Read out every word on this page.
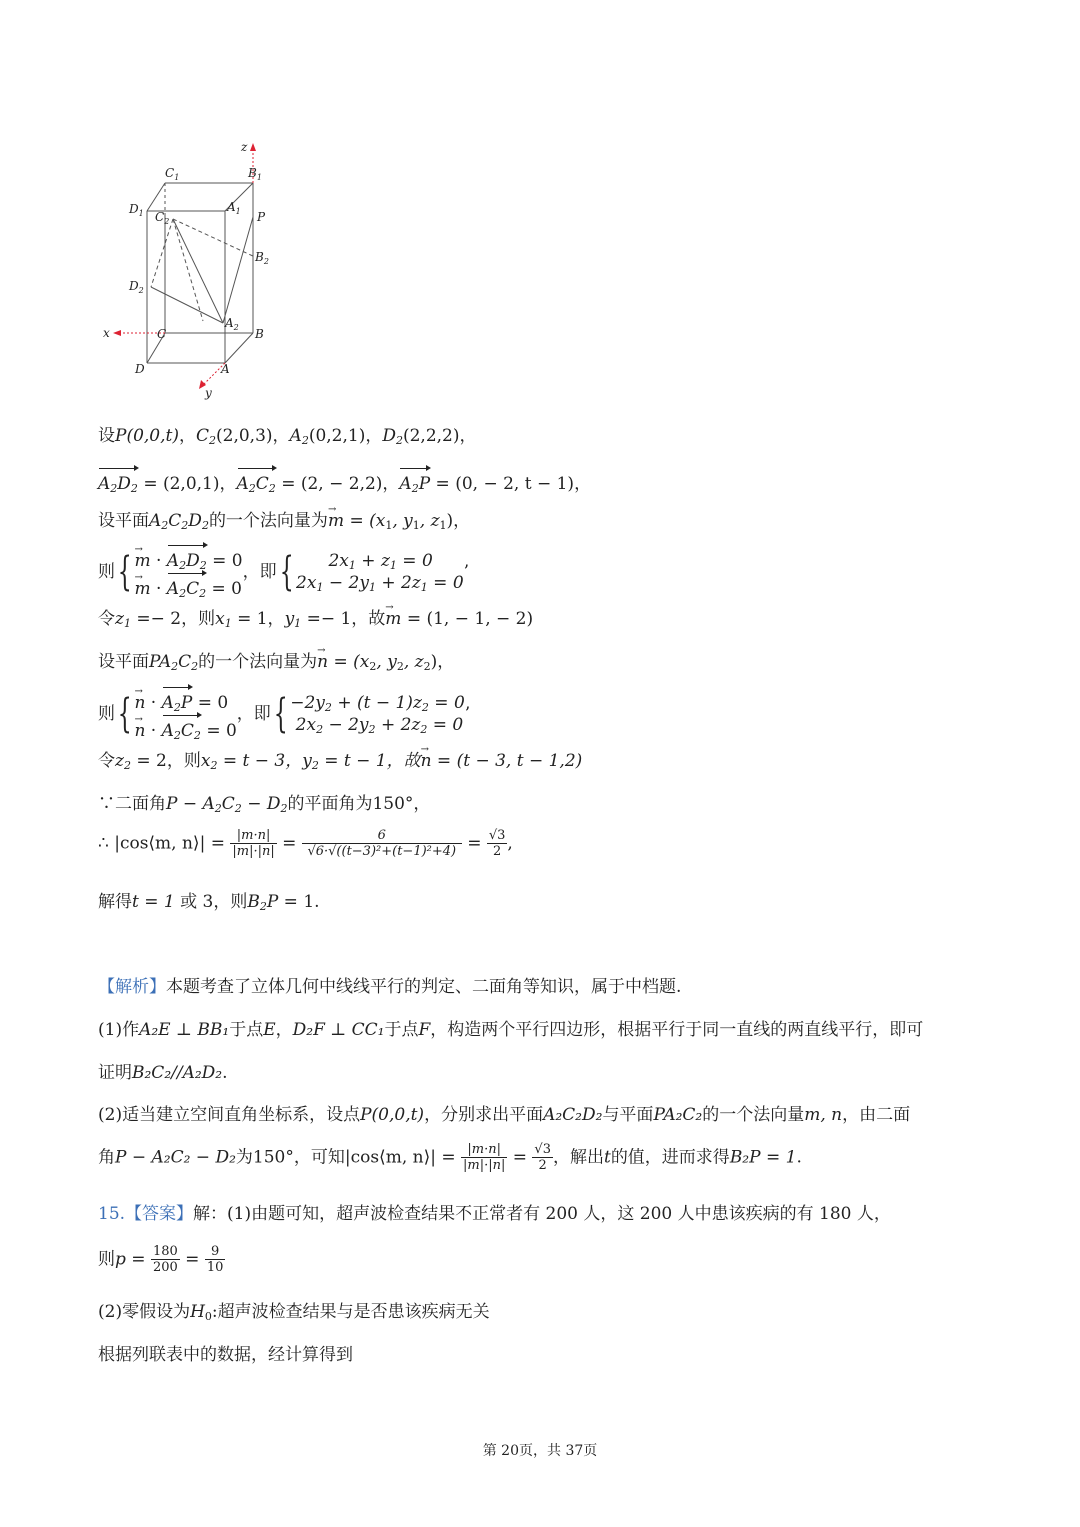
z
x
y
$C_1$	$B_1$
$D_1$ $C_2$
$A_1$ P
$B_2$
$D_2$
$A_2$
C	B
D	A
设P(0,0,t)，$C_2(2,0,3)$，$A_2(0,2,1)$，$D_2(2,2,2)$，
$A_2D_2 = (2,0,1)$，$A_2C_2 = (2$, − 2,2)，$A_2P = (0$, − 2, t − 1)，
设平面$A_2C_2D_2$的一个法向量为m → = ($x_1$, $y_1$, $z_1$)，
则{ m → · $A_2D_2 = 0$
m → · $A_2C_2 = 0$，即{ $2x_1 + z_1 = 0$
$2x_1 - 2y_1 + 2z_1 = 0$’
令$z_1 =- 2$，则$x_1 = 1$，$y_1 =- 1$，故m → = (1, − 1, − 2)
设平面$PA_2C_2$的一个法向量为n → = ($x_2$, $y_2$, $z_2$)，
则{ n → · $A_2P = 0$
n → · $A_2C_2 = 0$，即{ $-2y_2 + (t - 1)z_2 = 0$
$2x_2 - 2y_2 + 2z_2 = 0$’
令$z_2 = 2$，则$x_2 = t - 3$，$y_2 = t - 1$，故n → = (t − 3, t − 1,2)
∵二面角$P - A_2C_2 - D_2$的平面角为150°，
∴ |cos⟨m, n⟩| = $\frac{|m\cdot n|}{|m|\cdot|n|} = \frac{6}{\text{√6·√((t−3)²+(t−1)²+4)}} = \frac{√3}{2}$ ,
解得t = 1 或 3，则$B_2P = 1$.
【解析】本题考查了立体几何中线线平行的判定、二面角等知识，属于中档题.
(1)作A₂E ⊥ BB₁于点E，D₂F ⊥ CC₁于点F，构造两个平行四边形，根据平行于同一直线的两直线平行，即可
证明B₂C₂//A₂D₂.
(2)适当建立空间直角坐标系，设点P(0,0,t)，分别求出平面A₂C₂D₂与平面PA₂C₂的一个法向量m, n，由二面
角P − A₂C₂ − D₂为150°，可知|cos⟨m, n⟩| = $\frac{|m\cdot n|}{|m|\cdot|n|} = \frac{√3}{2}$ ，解出t的值，进而求得B₂P = 1.
15.【答案】解：(1)由题可知，超声波检查结果不正常者有 200 人，这 200 人中患该疾病的有 180 人，
则$p = \frac{180}{200} = \frac{9}{10}$
(2)零假设为$H_0$:超声波检查结果与是否患该疾病无关
根据列联表中的数据，经计算得到
第 20页，共 37页
